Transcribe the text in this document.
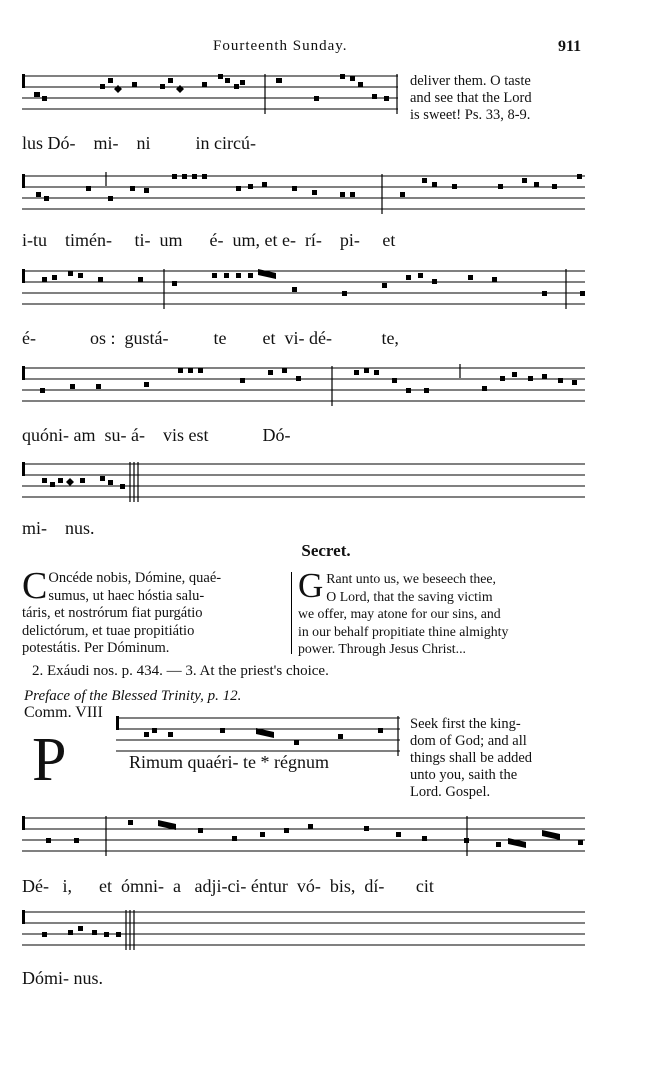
Fourteenth Sunday.	911
deliver them. O taste
and see that the Lord
is sweet! Ps. 33, 8-9.
lus Dó-    mi-    ni          in circú-
i-tu    timén-     ti-  um      é-  um, et e-  rí-    pi-     et
é-            os :  gustá-          te        et  vi- dé-           te,
quóni- am  su- á-    vis est            Dó-
mi-    nus.
Secret.
C Oncéde nobis, Dómine, quaé-
sumus, ut haec hóstia salu-
táris, et nostrórum fiat purgátio
delictórum, et tuae propitiátio
potestátis. Per Dóminum.
G Rant unto us, we beseech thee,
O Lord, that the saving victim
we offer, may atone for our sins, and
in our behalf propitiate thine almighty
power. Through Jesus Christ...
2. Exáudi nos. p. 434. — 3. At the priest's choice.
Preface of the Blessed Trinity, p. 12.
Comm. VIII
P	Rimum quaéri- te * régnum
Seek first the king-
dom of God; and all
things shall be added
unto you, saith the
Lord. Gospel.
Dé-   i,      et  ómni-  a   adji-ci- éntur  vó-  bis,  dí-       cit
Dómi- nus.
